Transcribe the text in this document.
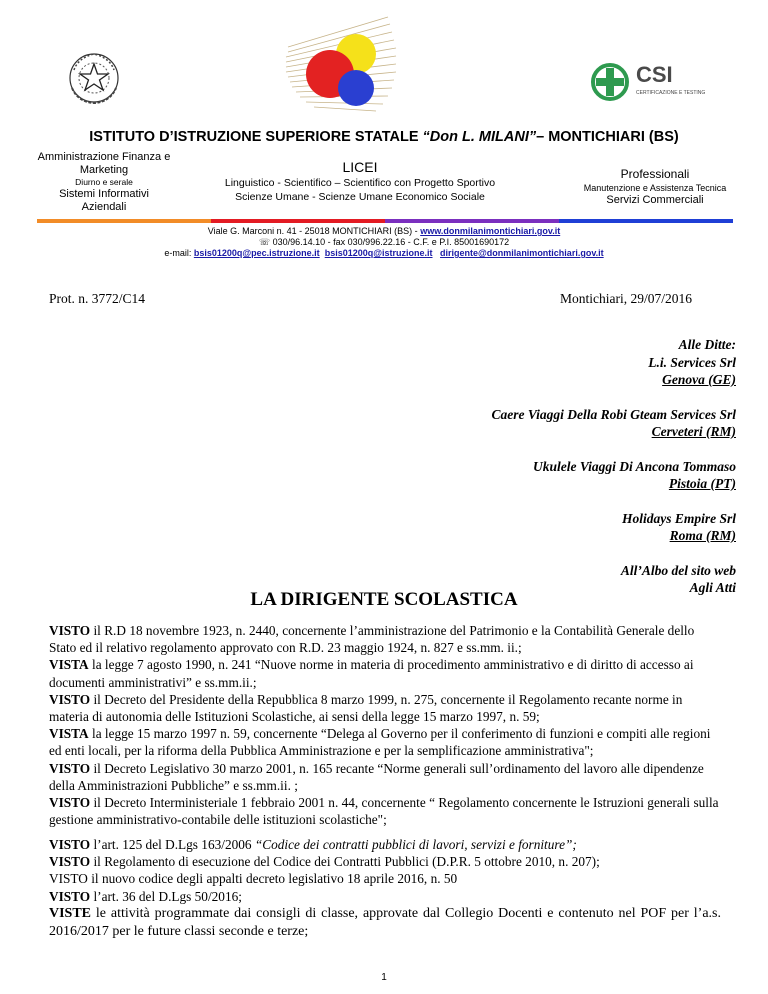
CSI
CERTIFICAZIONE E TESTING
ISTITUTO D’ISTRUZIONE SUPERIORE STATALE “Don L. MILANI”– MONTICHIARI (BS)
Amministrazione Finanza e
Marketing
Diurno e serale
Sistemi Informativi
Aziendali
LICEI
Linguistico - Scientifico – Scientifico con Progetto Sportivo
Scienze Umane - Scienze Umane Economico Sociale
Professionali
Manutenzione e Assistenza Tecnica
Servizi Commerciali
Viale G. Marconi n. 41 - 25018 MONTICHIARI (BS) - www.donmilanimontichiari.gov.it
☏ 030/96.14.10 - fax 030/996.22.16 - C.F. e P.I. 85001690172
e-mail: bsis01200q@pec.istruzione.it bsis01200q@istruzione.it dirigente@donmilanimontichiari.gov.it
Prot. n. 3772/C14	Montichiari, 29/07/2016
Alle Ditte:
L.i. Services Srl
Genova (GE)
Caere Viaggi Della Robi Gteam Services Srl
Cerveteri (RM)
Ukulele Viaggi Di Ancona Tommaso
Pistoia (PT)
Holidays Empire Srl
Roma (RM)
All’Albo del sito web
Agli Atti
LA DIRIGENTE SCOLASTICA
VISTO il R.D 18 novembre 1923, n. 2440, concernente l’amministrazione del Patrimonio e la Contabilità Generale dello Stato ed il relativo regolamento approvato con R.D. 23 maggio 1924, n. 827 e ss.mm. ii.;
VISTA la legge 7 agosto 1990, n. 241 “Nuove norme in materia di procedimento amministrativo e di diritto di accesso ai documenti amministrativi” e ss.mm.ii.;
VISTO il Decreto del Presidente della Repubblica 8 marzo 1999, n. 275, concernente il Regolamento recante norme in materia di autonomia delle Istituzioni Scolastiche, ai sensi della legge 15 marzo 1997, n. 59;
VISTA la legge 15 marzo 1997 n. 59, concernente “Delega al Governo per il conferimento di funzioni e compiti alle regioni ed enti locali, per la riforma della Pubblica Amministrazione e per la semplificazione amministrativa";
VISTO il Decreto Legislativo 30 marzo 2001, n. 165 recante “Norme generali sull’ordinamento del lavoro alle dipendenze della Amministrazioni Pubbliche” e ss.mm.ii. ;
VISTO il Decreto Interministeriale 1 febbraio 2001 n. 44, concernente “ Regolamento concernente le Istruzioni generali sulla gestione amministrativo-contabile delle istituzioni scolastiche";
VISTO l’art. 125 del D.Lgs 163/2006 “Codice dei contratti pubblici di lavori, servizi e forniture”;
VISTO il Regolamento di esecuzione del Codice dei Contratti Pubblici (D.P.R. 5 ottobre 2010, n. 207);
VISTO il nuovo codice degli appalti decreto legislativo 18 aprile 2016, n. 50
VISTO l’art. 36 del D.Lgs 50/2016;
VISTE le attività programmate dai consigli di classe, approvate dal Collegio Docenti e contenuto nel POF per l’a.s. 2016/2017 per le future classi seconde e terze;
1
